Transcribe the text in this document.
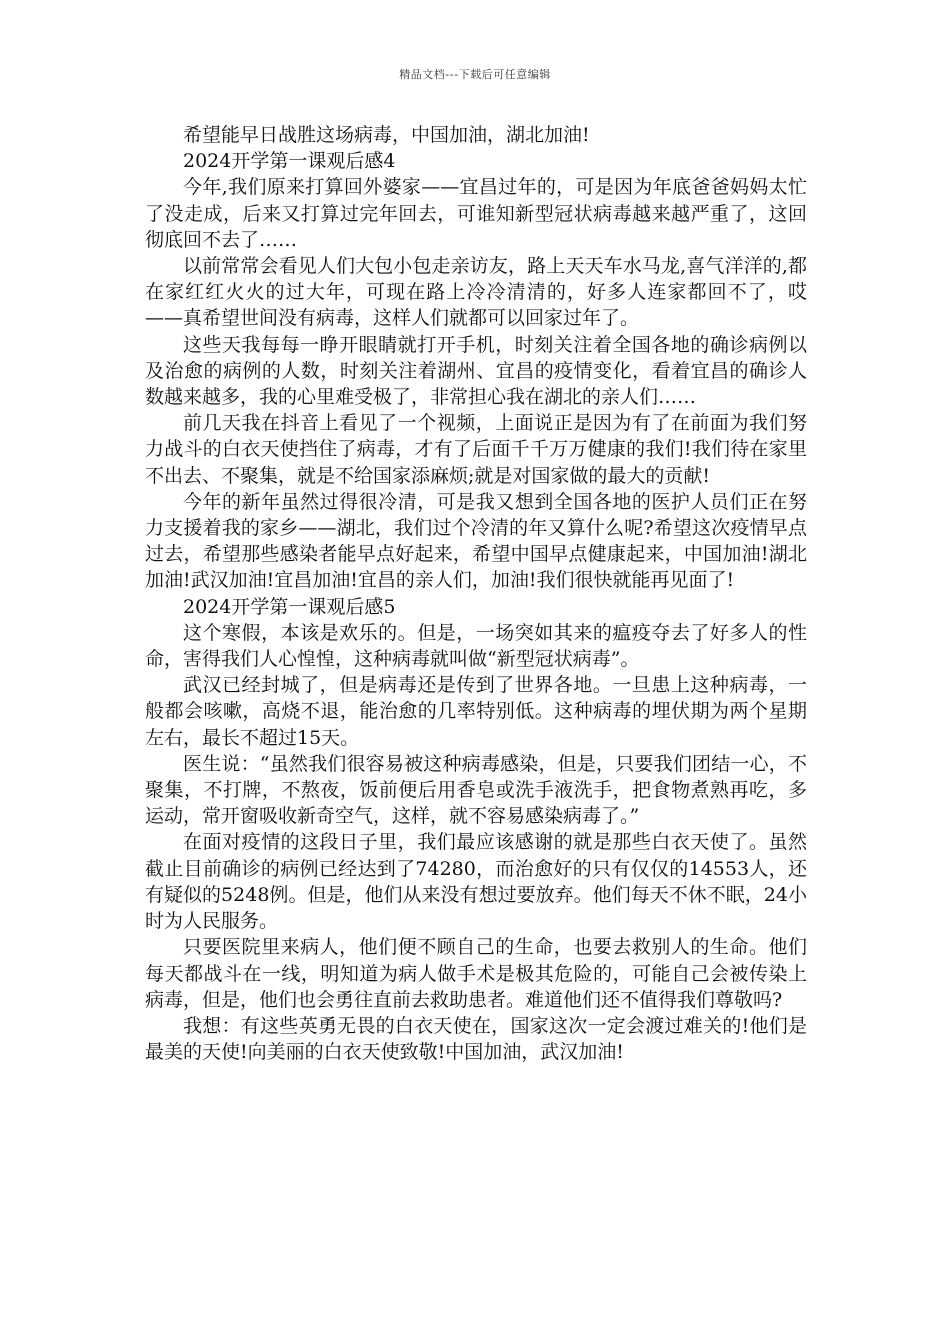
精品文档---下载后可任意编辑

希望能早日战胜这场病毒，中国加油，湖北加油!

2024开学第一课观后感4

今年,我们原来打算回外婆家——宜昌过年的，可是因为年底爸爸妈妈太忙了没走成，后来又打算过完年回去，可谁知新型冠状病毒越来越严重了，这回彻底回不去了……

以前常常会看见人们大包小包走亲访友，路上天天车水马龙,喜气洋洋的,都在家红红火火的过大年，可现在路上冷冷清清的，好多人连家都回不了，哎——真希望世间没有病毒，这样人们就都可以回家过年了。

这些天我每每一睁开眼睛就打开手机，时刻关注着全国各地的确诊病例以及治愈的病例的人数，时刻关注着湖州、宜昌的疫情变化，看着宜昌的确诊人数越来越多，我的心里难受极了，非常担心我在湖北的亲人们……

前几天我在抖音上看见了一个视频，上面说正是因为有了在前面为我们努力战斗的白衣天使挡住了病毒，才有了后面千千万万健康的我们!我们待在家里不出去、不聚集，就是不给国家添麻烦;就是对国家做的最大的贡献!

今年的新年虽然过得很冷清，可是我又想到全国各地的医护人员们正在努力支援着我的家乡——湖北，我们过个冷清的年又算什么呢?希望这次疫情早点过去，希望那些感染者能早点好起来，希望中国早点健康起来，中国加油!湖北加油!武汉加油!宜昌加油!宜昌的亲人们，加油!我们很快就能再见面了!

2024开学第一课观后感5

这个寒假，本该是欢乐的。但是，一场突如其来的瘟疫夺去了好多人的性命，害得我们人心惶惶，这种病毒就叫做“新型冠状病毒”。

武汉已经封城了，但是病毒还是传到了世界各地。一旦患上这种病毒，一般都会咳嗽，高烧不退，能治愈的几率特别低。这种病毒的埋伏期为两个星期左右，最长不超过15天。

医生说：“虽然我们很容易被这种病毒感染，但是，只要我们团结一心，不聚集，不打牌，不熬夜，饭前便后用香皂或洗手液洗手，把食物煮熟再吃，多运动，常开窗吸收新奇空气，这样，就不容易感染病毒了。”

在面对疫情的这段日子里，我们最应该感谢的就是那些白衣天使了。虽然截止目前确诊的病例已经达到了74280，而治愈好的只有仅仅的14553人，还有疑似的5248例。但是，他们从来没有想过要放弃。他们每天不休不眠，24小时为人民服务。

只要医院里来病人，他们便不顾自己的生命，也要去救别人的生命。他们每天都战斗在一线，明知道为病人做手术是极其危险的，可能自己会被传染上病毒，但是，他们也会勇往直前去救助患者。难道他们还不值得我们尊敬吗?

我想：有这些英勇无畏的白衣天使在，国家这次一定会渡过难关的!他们是最美的天使!向美丽的白衣天使致敬!中国加油，武汉加油!
